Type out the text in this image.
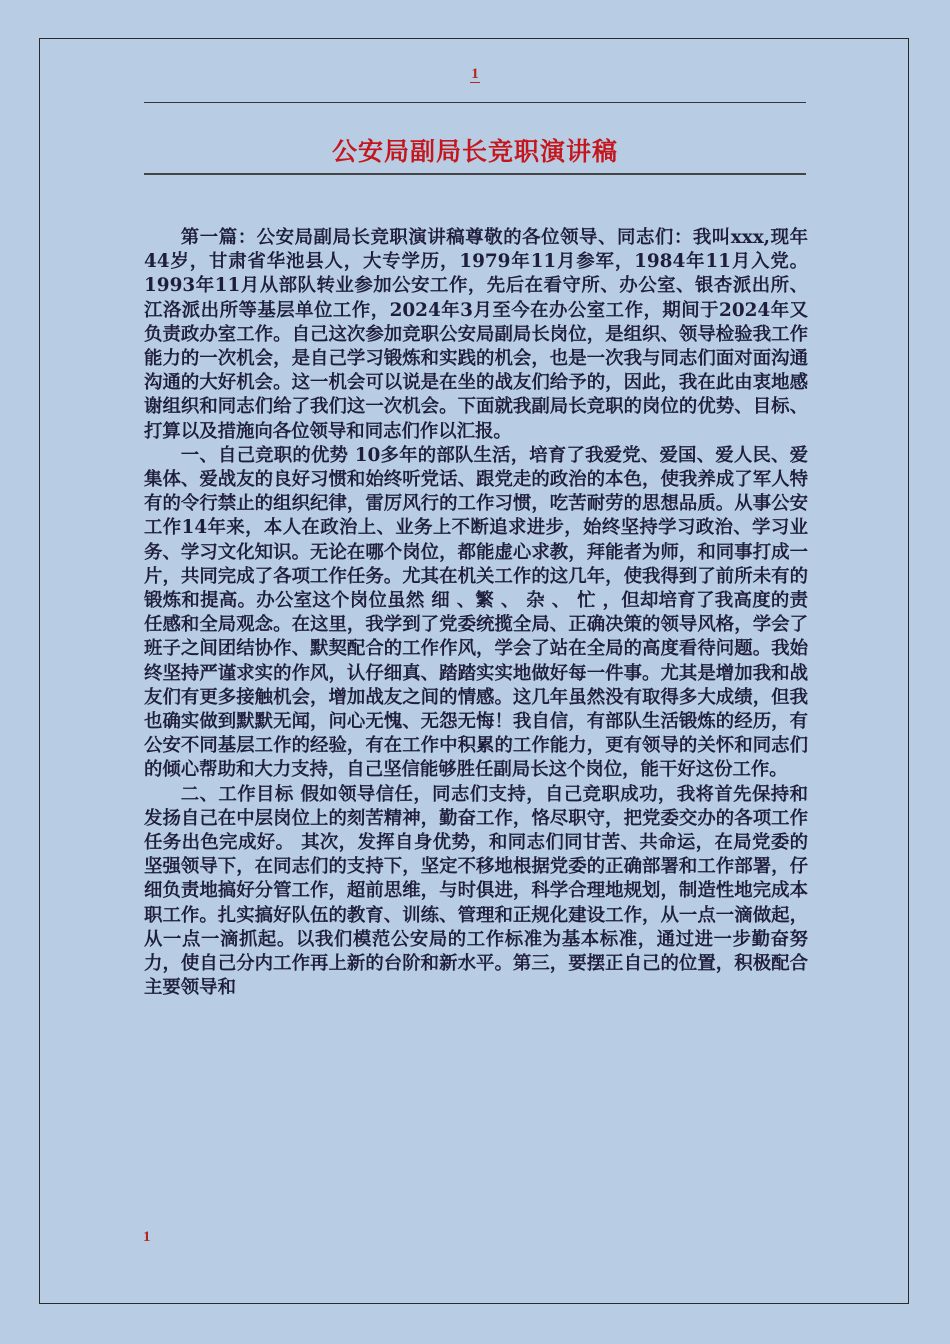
1
公安局副局长竞职演讲稿

第一篇：公安局副局长竞职演讲稿尊敬的各位领导、同志们：我叫xxx,现年44岁，甘肃省华池县人，大专学历，1979年11月参军，1984年11月入党。1993年11月从部队转业参加公安工作，先后在看守所、办公室、银杏派出所、江洛派出所等基层单位工作，2024年3月至今在办公室工作，期间于2024年又负责政办室工作。自己这次参加竞职公安局副局长岗位，是组织、领导检验我工作能力的一次机会，是自己学习锻炼和实践的机会，也是一次我与同志们面对面沟通沟通的大好机会。这一机会可以说是在坐的战友们给予的，因此，我在此由衷地感谢组织和同志们给了我们这一次机会。下面就我副局长竞职的岗位的优势、目标、打算以及措施向各位领导和同志们作以汇报。

一、自己竞职的优势 10多年的部队生活，培育了我爱党、爱国、爱人民、爱集体、爱战友的良好习惯和始终听党话、跟党走的政治的本色，使我养成了军人特有的令行禁止的组织纪律，雷厉风行的工作习惯，吃苦耐劳的思想品质。从事公安工作14年来，本人在政治上、业务上不断追求进步，始终坚持学习政治、学习业务、学习文化知识。无论在哪个岗位，都能虚心求教，拜能者为师，和同事打成一片，共同完成了各项工作任务。尤其在机关工作的这几年，使我得到了前所未有的锻炼和提高。办公室这个岗位虽然 细 、繁 、 杂 、 忙 ，但却培育了我高度的责任感和全局观念。在这里，我学到了党委统揽全局、正确决策的领导风格，学会了班子之间团结协作、默契配合的工作作风，学会了站在全局的高度看待问题。我始终坚持严谨求实的作风，认仔细真、踏踏实实地做好每一件事。尤其是增加我和战友们有更多接触机会，增加战友之间的情感。这几年虽然没有取得多大成绩，但我也确实做到默默无闻，问心无愧、无怨无悔！我自信，有部队生活锻炼的经历，有公安不同基层工作的经验，有在工作中积累的工作能力，更有领导的关怀和同志们的倾心帮助和大力支持，自己坚信能够胜任副局长这个岗位，能干好这份工作。

二、工作目标 假如领导信任，同志们支持，自己竞职成功，我将首先保持和发扬自己在中层岗位上的刻苦精神，勤奋工作，恪尽职守，把党委交办的各项工作任务出色完成好。 其次，发挥自身优势，和同志们同甘苦、共命运，在局党委的坚强领导下，在同志们的支持下，坚定不移地根据党委的正确部署和工作部署，仔细负责地搞好分管工作，超前思维，与时俱进，科学合理地规划，制造性地完成本职工作。扎实搞好队伍的教育、训练、管理和正规化建设工作，从一点一滴做起，从一点一滴抓起。以我们模范公安局的工作标准为基本标准，通过进一步勤奋努力，使自己分内工作再上新的台阶和新水平。第三，要摆正自己的位置，积极配合主要领导和

1
